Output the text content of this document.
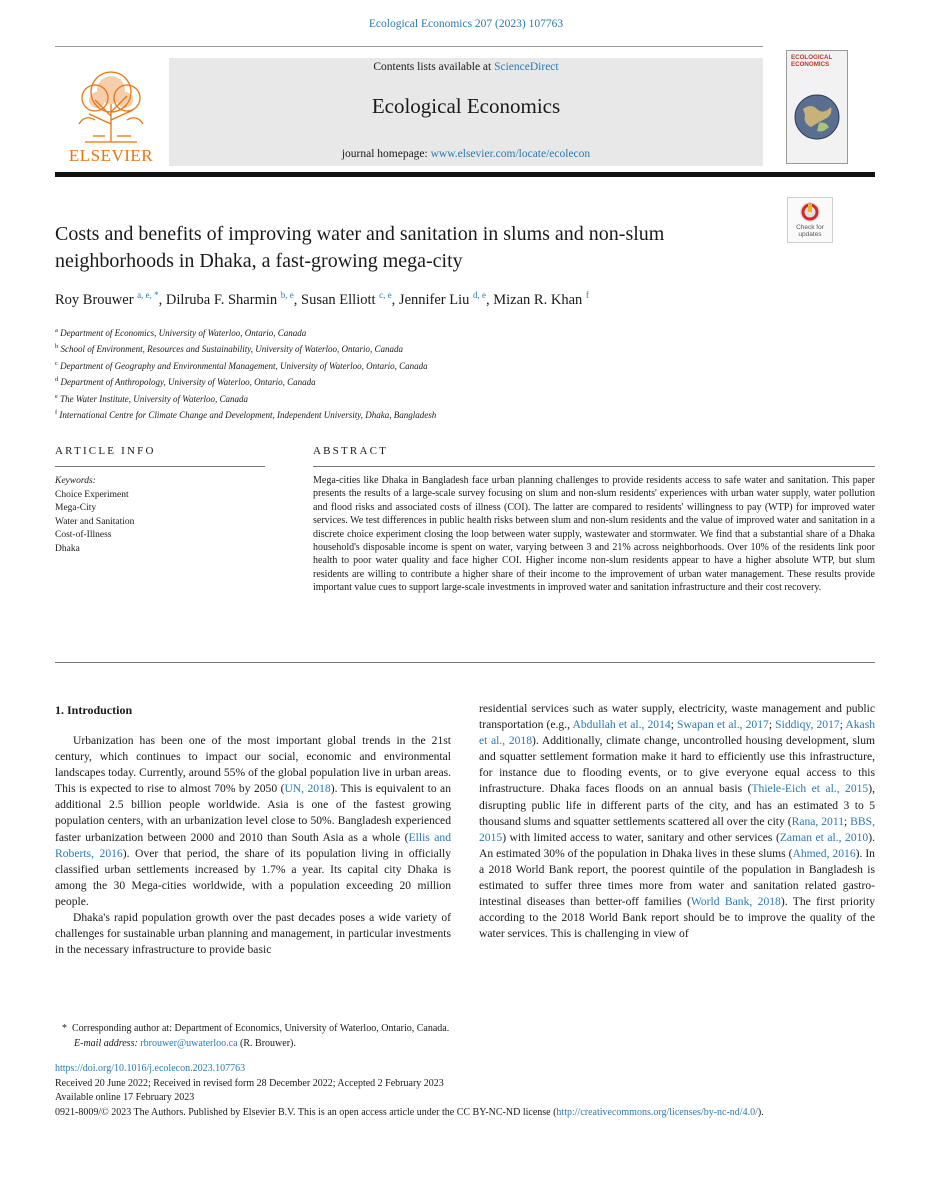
Ecological Economics 207 (2023) 107763
ELSEVIER
Contents lists available at ScienceDirect
Ecological Economics
journal homepage: www.elsevier.com/locate/ecolecon
ECOLOGICAL ECONOMICS
Check for
updates
Costs and benefits of improving water and sanitation in slums and non-slum
neighborhoods in Dhaka, a fast-growing mega-city
Roy Brouwer $^{a, e, *}$, Dilruba F. Sharmin $^{b, e}$, Susan Elliott $^{c, e}$, Jennifer Liu $^{d, e}$, Mizan R. Khan $^f$
$^a$ Department of Economics, University of Waterloo, Ontario, Canada
$^b$ School of Environment, Resources and Sustainability, University of Waterloo, Ontario, Canada
$^c$ Department of Geography and Environmental Management, University of Waterloo, Ontario, Canada
$^d$ Department of Anthropology, University of Waterloo, Ontario, Canada
$^e$ The Water Institute, University of Waterloo, Canada
$^f$ International Centre for Climate Change and Development, Independent University, Dhaka, Bangladesh
ARTICLE INFO	ABSTRACT
Keywords:
Choice Experiment
Mega-City
Water and Sanitation
Cost-of-Illness
Dhaka
Mega-cities like Dhaka in Bangladesh face urban planning challenges to provide residents access to safe water and sanitation. This paper presents the results of a large-scale survey focusing on slum and non-slum residents' experiences with urban water supply, water pollution and flood risks and associated costs of illness (COI). The latter are compared to residents' willingness to pay (WTP) for improved water services. We test differences in public health risks between slum and non-slum residents and the value of improved water and sanitation in a discrete choice experiment closing the loop between water supply, wastewater and stormwater. We find that a substantial share of a Dhaka household's disposable income is spent on water, varying between 3 and 21% across neighborhoods. Over 10% of the residents link poor health to poor water quality and face higher COI. Higher income non-slum residents appear to have a higher absolute WTP, but slum residents are willing to contribute a higher share of their income to the improvement of urban water management. These results provide important value cues to support large-scale investments in improved water and sanitation infrastructure and their cost recovery.
1. Introduction

Urbanization has been one of the most important global trends in the 21st century, which continues to impact our social, economic and environmental landscapes today. Currently, around 55% of the global population live in urban areas. This is expected to rise to almost 70% by 2050 (UN, 2018). This is equivalent to an additional 2.5 billion people worldwide. Asia is one of the fastest growing population centers, with an urbanization level close to 50%. Bangladesh experienced faster urbanization between 2000 and 2010 than South Asia as a whole (Ellis and Roberts, 2016). Over that period, the share of its population living in officially classified urban settlements increased by 1.7% a year. Its capital city Dhaka is among the 30 Mega-cities worldwide, with a population exceeding 20 million people.

Dhaka's rapid population growth over the past decades poses a wide variety of challenges for sustainable urban planning and management, in particular investments in the necessary infrastructure to provide basic

residential services such as water supply, electricity, waste management and public transportation (e.g., Abdullah et al., 2014; Swapan et al., 2017; Siddiqy, 2017; Akash et al., 2018). Additionally, climate change, uncontrolled housing development, slum and squatter settlement formation make it hard to efficiently use this infrastructure, for instance due to flooding events, or to give everyone equal access to this infrastructure. Dhaka faces floods on an annual basis (Thiele-Eich et al., 2015), disrupting public life in different parts of the city, and has an estimated 3 to 5 thousand slums and squatter settlements scattered all over the city (Rana, 2011; BBS, 2015) with limited access to water, sanitary and other services (Zaman et al., 2010). An estimated 30% of the population in Dhaka lives in these slums (Ahmed, 2016). In a 2018 World Bank report, the poorest quintile of the population in Bangladesh is estimated to suffer three times more from water and sanitation related gastro-intestinal diseases than better-off families (World Bank, 2018). The first priority according to the 2018 World Bank report should be to improve the quality of the water services. This is challenging in view of

* Corresponding author at: Department of Economics, University of Waterloo, Ontario, Canada.
E-mail address: rbrouwer@uwaterloo.ca (R. Brouwer).
https://doi.org/10.1016/j.ecolecon.2023.107763
Received 20 June 2022; Received in revised form 28 December 2022; Accepted 2 February 2023
Available online 17 February 2023
0921-8009/© 2023 The Authors. Published by Elsevier B.V. This is an open access article under the CC BY-NC-ND license (http://creativecommons.org/licenses/by-nc-nd/4.0/).
